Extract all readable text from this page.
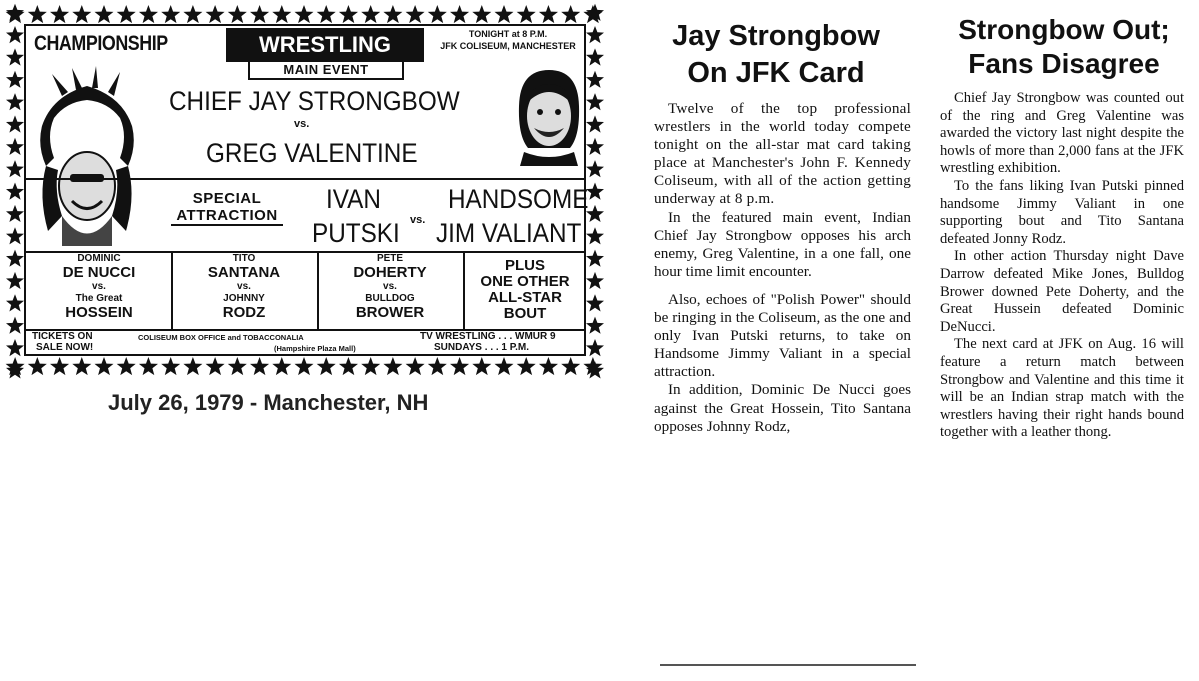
CHAMPIONSHIP	WRESTLING
MAIN EVENT
TONIGHT at 8 P.M.
JFK COLISEUM, MANCHESTER
CHIEF JAY STRONGBOW
vs.
GREG VALENTINE
SPECIAL
ATTRACTION
IVAN
PUTSKI vs.
HANDSOME
JIM VALIANT
DOMINIC
DE NUCCI
vs.
The Great
HOSSEIN
TITO
SANTANA
vs.
JOHNNY
RODZ
PETE
DOHERTY
vs.
BULLDOG
BROWER
PLUS
ONE OTHER
ALL-STAR
BOUT
TICKETS ON
SALE NOW!
COLISEUM BOX OFFICE and TOBACCONALIA
(Hampshire Plaza Mall)
TV WRESTLING . . . WMUR 9
SUNDAYS . . . 1 P.M.
July 26, 1979 - Manchester, NH
Jay Strongbow
On JFK Card

Twelve of the top professional wrestlers in the world today compete tonight on the all-star mat card taking place at Manchester's John F. Kennedy Coliseum, with all of the action getting underway at 8 p.m.

In the featured main event, Indian Chief Jay Strongbow opposes his arch enemy, Greg Valentine, in a one fall, one hour time limit encounter.

Also, echoes of "Polish Power" should be ringing in the Coliseum, as the one and only Ivan Putski returns, to take on Handsome Jimmy Valiant in a special attraction.

In addition, Dominic De Nucci goes against the Great Hossein, Tito Santana opposes Johnny Rodz,

Strongbow Out;
Fans Disagree

Chief Jay Strongbow was counted out of the ring and Greg Valentine was awarded the victory last night despite the howls of more than 2,000 fans at the JFK wrestling exhibition.

To the fans liking Ivan Putski pinned handsome Jimmy Valiant in one supporting bout and Tito Santana defeated Jonny Rodz.

In other action Thursday night Dave Darrow defeated Mike Jones, Bulldog Brower downed Pete Doherty, and the Great Hussein defeated Dominic DeNucci.

The next card at JFK on Aug. 16 will feature a return match between Strongbow and Valentine and this time it will be an Indian strap match with the wrestlers having their right hands bound together with a leather thong.
